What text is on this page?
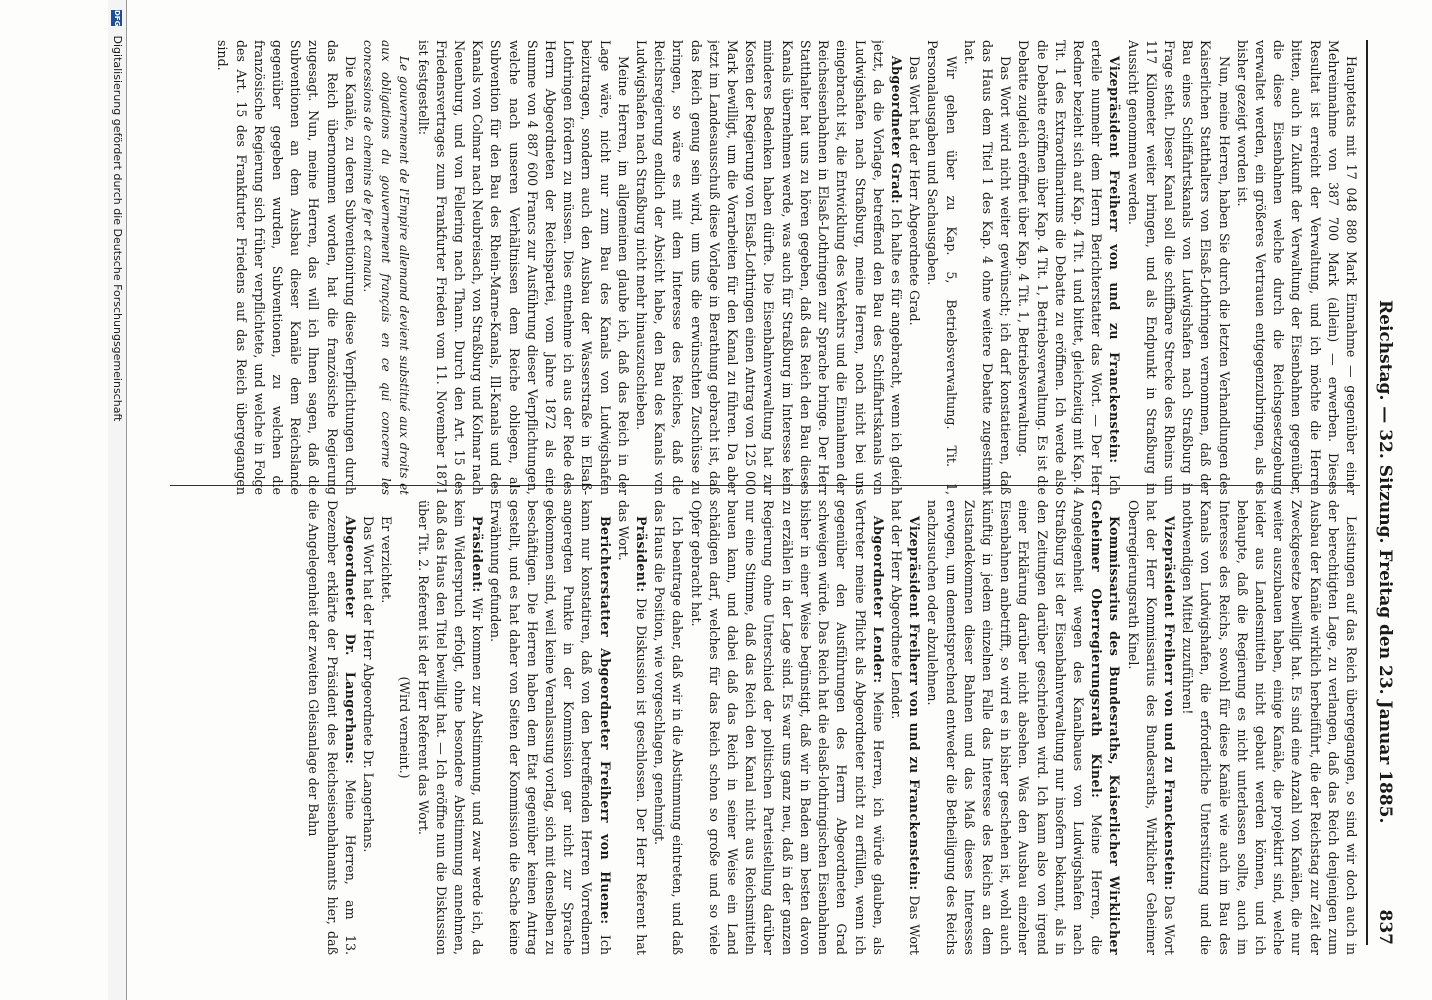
Reichstag. — 32. Sitzung. Freitag den 23. Januar 1885.
837

Hauptetats mit 17 048 880 Mark Einnahme — gegenüber einer Mehreinnahme von 387 700 Mark (allein) — erwerben. Dieses Resultat ist erreicht der Verwaltung, und ich möchte die Herren bitten, auch in Zukunft der Verwaltung der Eisenbahnen gegenüber, die diese Eisenbahnen welche durch die Reichsgesetzgebung verwaltet werden, ein größeres Vertrauen entgegenzubringen, als es bisher gezeigt worden ist.

Nun, meine Herren, haben Sie durch die letzten Verhandlungen des Kaiserlichen Statthalters von Elsaß-Lothringen vernommen, daß der Bau eines Schiffahrtskanals von Ludwigshafen nach Straßburg in Frage steht. Dieser Kanal soll die schiffbare Strecke des Rheins um 117 Kilometer weiter bringen, und als Endpunkt in Straßburg in Aussicht genommen werden.

Vizepräsident Freiherr von und zu Franckenstein: Ich erteile nunmehr dem Herrn Berichterstatter das Wort. — Der Herr Redner bezieht sich auf Kap. 4 Tit. 1 und bittet, gleichzeitig mit Kap. 4 Tit. 1 des Extraordinariums die Debatte zu eröffnen. Ich werde also die Debatte eröffnen über Kap. 4 Tit. 1, Betriebsverwaltung. Es ist die Debatte zugleich eröffnet über Kap. 4 Tit. 1, Betriebsverwaltung.

Das Wort wird nicht weiter gewünscht; ich darf konstatieren, daß das Haus dem Titel 1 des Kap. 4 ohne weitere Debatte zugestimmt hat.

Wir gehen über zu Kap. 5, Betriebsverwaltung. Tit. 1, Personalausgaben und Sachausgaben.

Das Wort hat der Herr Abgeordnete Grad.

Abgeordneter Grad: Ich halte es für angebracht, wenn ich gleich jetzt, da die Vorlage, betreffend den Bau des Schiffahrtskanals von Ludwigshafen nach Straßburg, meine Herren, noch nicht bei uns eingebracht ist, die Entwicklung des Verkehrs und die Einnahmen der Reichseisenbahnen in Elsaß-Lothringen zur Sprache bringe. Der Herr Statthalter hat uns zu hören gegeben, daß das Reich den Bau dieses Kanals übernehmen werde, was auch für Straßburg im Interesse kein minderes Bedenken haben dürfte. Die Eisenbahnverwaltung hat zur Kosten der Regierung von Elsaß-Lothringen einen Antrag von 125 000 Mark bewilligt, um die Vorarbeiten für den Kanal zu führen. Da aber jetzt im Landesausschuß diese Vorlage in Berathung gebracht ist, daß das Reich genug sein wird, um uns die erwünschten Zuschüsse zu bringen, so wäre es mit dem Interesse des Reiches, daß die Reichsregierung endlich der Absicht habe, den Bau des Kanals von Ludwigshafen nach Straßburg nicht mehr hinauszuschieben.

Meine Herren, im allgemeinen glaube ich, daß das Reich in der Lage wäre, nicht nur zum Bau des Kanals von Ludwigshafen beizutragen, sondern auch den Ausbau der Wasserstraße in Elsaß-Lothringen fördern zu müssen. Dies entnehme ich aus der Rede des Herrn Abgeordneten der Reichspartei, vom Jahre 1872 als eine Summe von 4 887 600 Francs zur Ausführung dieser Verpflichtungen, welche nach unseren Verhältnissen dem Reiche obliegen, als Subvention für den Bau des Rhein-Marne-Kanals, Ill-Kanals und des Kanals von Colmar nach Neubreisach, von Straßburg und Kolmar nach Neuenburg, und von Fellering nach Thann. Durch den Art. 15 des Friedensvertrages zum Frankfurter Frieden vom 11. November 1871 ist festgestellt:

Le gouvernement de l'Empire allemand devient substitué aux droits et aux obligations du gouvernement français en ce qui concerne les concessions de chemins de fer et canaux.

Die Kanäle, zu deren Subventionirung diese Verpflichtungen durch das Reich übernommen worden, hat die französische Regierung zugesagt. Nun, meine Herren, das will ich Ihnen sagen, daß die Subventionen an dem Ausbau dieser Kanäle dem Reichslande gegenüber gegeben wurden, Subventionen, zu welchen die französische Regierung sich früher verpflichtete, und welche in Folge des Art. 15 des Frankfurter Friedens auf das Reich übergegangen sind.

Leistungen auf das Reich übergegangen, so sind wir doch auch in der berechtigten Lage, zu verlangen, daß das Reich denjenigen zum Ausbau der Kanäle wirklich herbeiführt, die der Reichstag zur Zeit der Zweckgesetze bewilligt hat. Es sind eine Anzahl von Kanälen, die nur weiter auszubauen haben, einige Kanäle, die projektirt sind, welche leider aus Landesmitteln nicht gebaut werden können, und ich behaupte, daß die Regierung es nicht unterlassen sollte, auch im Interesse des Reichs, sowohl für diese Kanäle wie auch im Bau des Kanals von Ludwigshafen, die erforderliche Unterstützung und die nothwendigen Mittel zuzuführen!

Vizepräsident Freiherr von und zu Franckenstein: Das Wort hat der Herr Kommissarius des Bundesraths, Wirklicher Geheimer Oberregierungsrath Kinel.

Kommissarius des Bundesraths, Kaiserlicher Wirklicher Geheimer Oberregierungsrath Kinel: Meine Herren, die Angelegenheit wegen des Kanalbaues von Ludwigshafen nach Straßburg ist der Eisenbahnverwaltung nur insofern bekannt, als in den Zeitungen darüber geschrieben wird. Ich kann also von irgend einer Erklärung darüber nicht absehen. Was den Ausbau einzelner Eisenbahnen anbetrifft, so wird es in bisher geschehen ist, wohl auch künftig in jedem einzelnen Falle das Interesse des Reichs an dem Zustandekommen dieser Bahnen und das Maß dieses Interesses erwogen, um dementsprechend entweder die Betheiligung des Reichs nachzusuchen oder abzulehnen.

Vizepräsident Freiherr von und zu Franckenstein: Das Wort hat der Herr Abgeordnete Lender.

Abgeordneter Lender: Meine Herren, ich würde glauben, als Vertreter meine Pflicht als Abgeordneter nicht zu erfüllen, wenn ich gegenüber den Ausführungen des Herrn Abgeordneten Grad schweigen würde. Das Reich hat die elsaß-lothringischen Eisenbahnen bisher in einer Weise begünstigt, daß wir in Baden am besten davon zu erzählen in der Lage sind. Es war uns ganz neu, daß in der ganzen Regierung ohne Unterschied der politischen Parteistellung darüber nur eine Stimme, daß das Reich den Kanal nicht aus Reichsmitteln bauen kann, und dabei daß das Reich in seiner Weise ein Land schädigen darf, welches für das Reich schon so große und so viele Opfer gebracht hat.

Ich beantrage daher, daß wir in die Abstimmung eintreten, und daß das Haus die Position, wie vorgeschlagen, genehmigt.

Präsident: Die Diskussion ist geschlossen. Der Herr Referent hat das Wort.

Berichterstatter Abgeordneter Freiherr von Huene: Ich kann nur konstatiren, daß von den betreffenden Herren Vorrednern angeregten Punkte in der Kommission gar nicht zur Sprache gekommen sind, weil keine Veranlassung vorlag, sich mit denselben zu beschäftigen. Die Herren haben dem Etat gegenüber keinen Antrag gestellt, und es hat daher von Seiten der Kommission die Sache keine Erwähnung gefunden.

Präsident: Wir kommen zur Abstimmung, und zwar werde ich, da kein Widerspruch erfolgt, ohne besondere Abstimmung annehmen, daß das Haus den Titel bewilligt hat. — Ich eröffne nun die Diskussion über Tit. 2. Referent ist der Herr Referent das Wort.

(Wird verneint.)

Er verzichtet.

Das Wort hat der Herr Abgeordnete Dr. Langerhans.

Abgeordneter Dr. Langerhans: Meine Herren, am 13. Dezember erklärte der Präsident des Reichseisenbahnamts hier, daß die Angelegenheit der zweiten Gleisanlage der Bahn

DFG Digitalisierung gefördert durch die Deutsche Forschungsgemeinschaft
